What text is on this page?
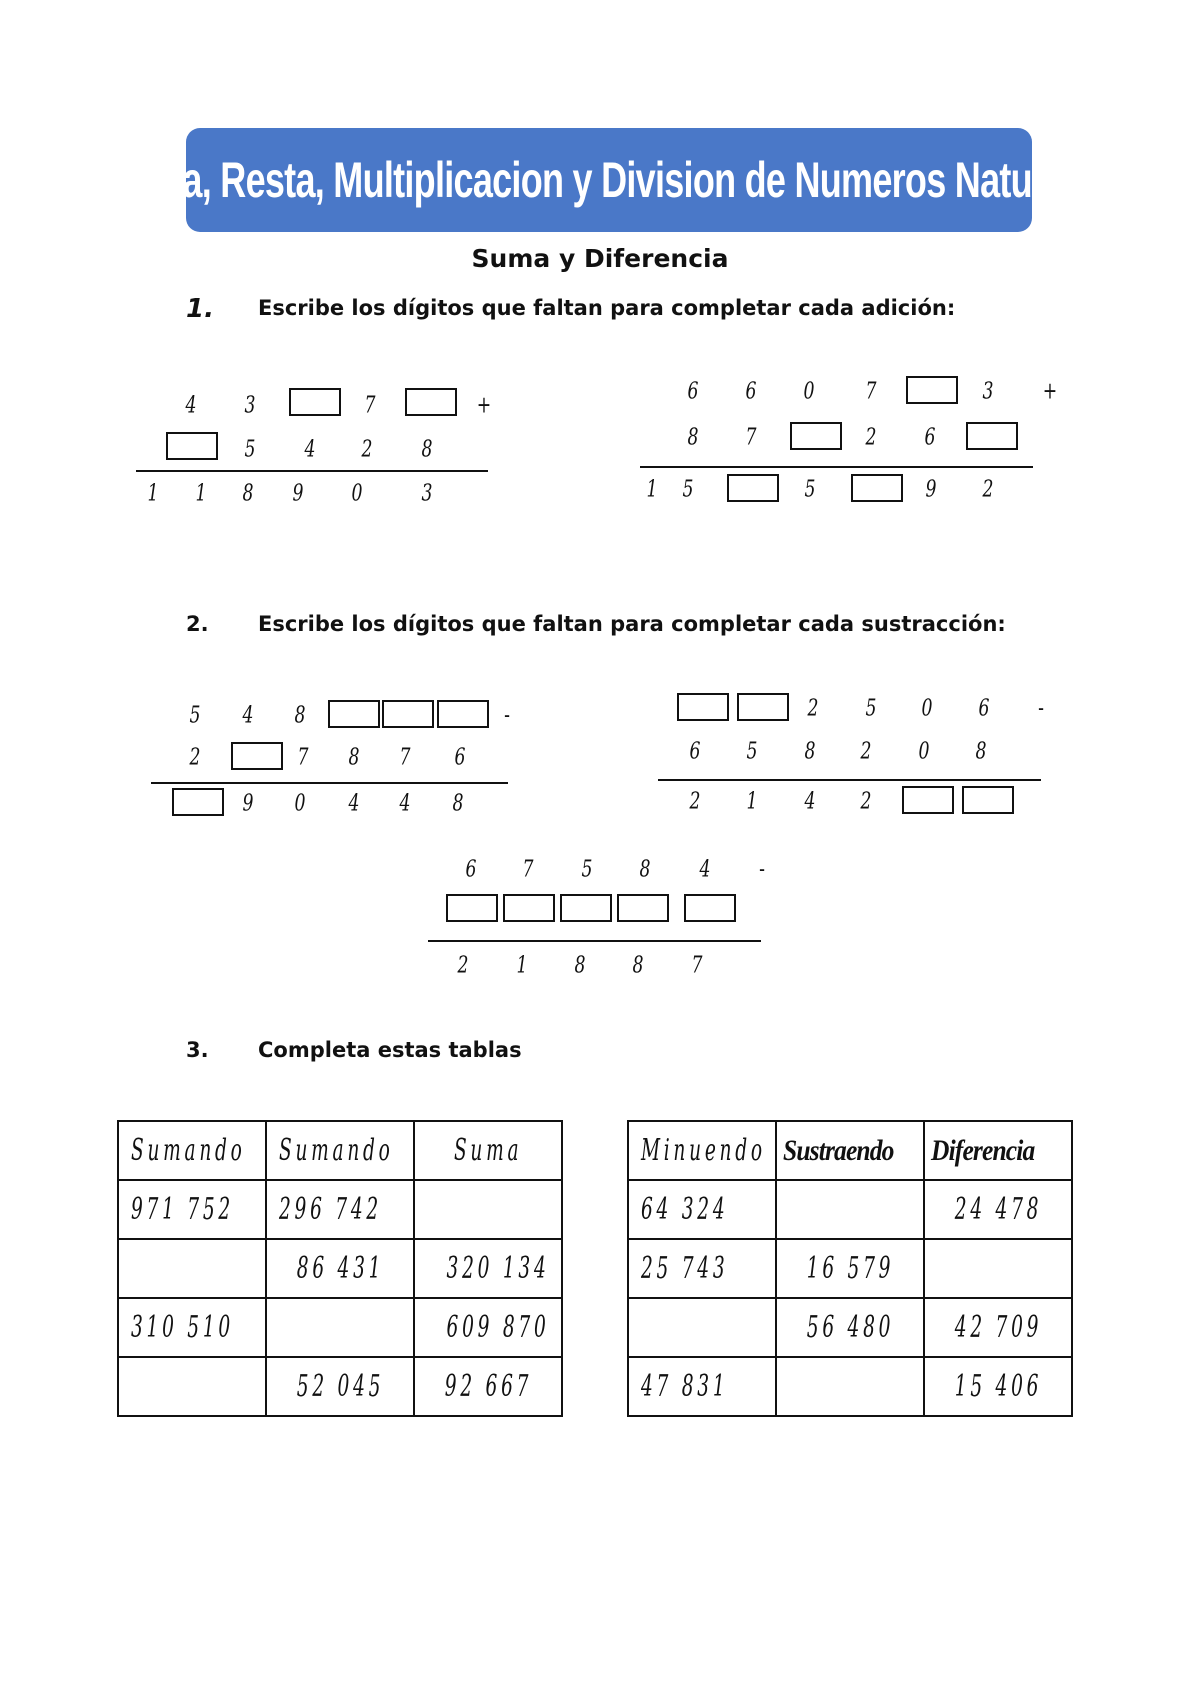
Suma, Resta, Multiplicacion y Division de Numeros Naturales
Suma y Diferencia
1. Escribe los dígitos que faltan para completar cada adición:
4 3	7	+
5 4 2 8
1 1 8 9 0	3
6 6 0 7	3 +
8 7	2 6
1 5	5	9 2
2. Escribe los dígitos que faltan para completar cada sustracción:
5 4 8	-
2	7 8 7 6
9 0 4 4 8
2 5 0 6	-
6 5 8 2 0 8
2 1 4 2
6 7 5 8 4	-
2 1 8 8 7
3. Completa estas tablas
Sumando	Sumando	Suma
971 752	296 742	
	86 431	320 134
310 510		609 870
	52 045	92 667
Minuendo	Sustraendo	Diferencia
64 324		24 478
25 743	16 579	
	56 480	42 709
47 831		15 406
